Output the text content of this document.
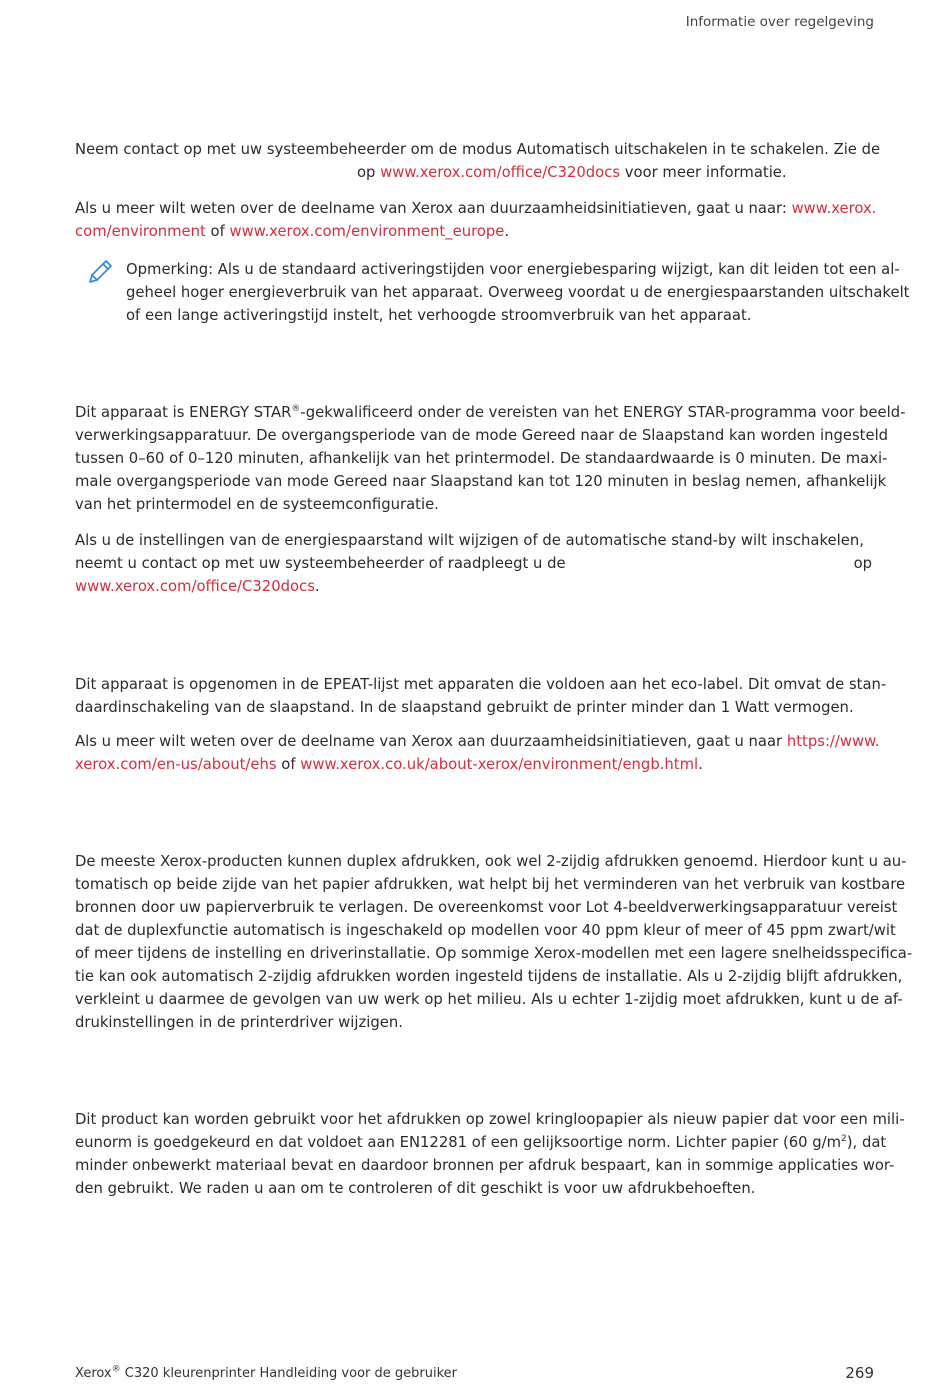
Informatie over regelgeving
Neem contact op met uw systeembeheerder om de modus Automatisch uitschakelen in te schakelen. Zie de
op www.xerox.com/office/C320docs voor meer informatie.
Als u meer wilt weten over de deelname van Xerox aan duurzaamheidsinitiatieven, gaat u naar: www.xerox.
com/environment of www.xerox.com/environment_europe.
Opmerking: Als u de standaard activeringstijden voor energiebesparing wijzigt, kan dit leiden tot een al-
geheel hoger energieverbruik van het apparaat. Overweeg voordat u de energiespaarstanden uitschakelt
of een lange activeringstijd instelt, het verhoogde stroomverbruik van het apparaat.
Dit apparaat is ENERGY STAR®-gekwalificeerd onder de vereisten van het ENERGY STAR-programma voor beeld-
verwerkingsapparatuur. De overgangsperiode van de mode Gereed naar de Slaapstand kan worden ingesteld
tussen 0–60 of 0–120 minuten, afhankelijk van het printermodel. De standaardwaarde is 0 minuten. De maxi-
male overgangsperiode van mode Gereed naar Slaapstand kan tot 120 minuten in beslag nemen, afhankelijk
van het printermodel en de systeemconfiguratie.
Als u de instellingen van de energiespaarstand wilt wijzigen of de automatische stand-by wilt inschakelen,
neemt u contact op met uw systeembeheerder of raadpleegt u de	op
www.xerox.com/office/C320docs.
Dit apparaat is opgenomen in de EPEAT-lijst met apparaten die voldoen aan het eco-label. Dit omvat de stan-
daardinschakeling van de slaapstand. In de slaapstand gebruikt de printer minder dan 1 Watt vermogen.
Als u meer wilt weten over de deelname van Xerox aan duurzaamheidsinitiatieven, gaat u naar https://www.
xerox.com/en-us/about/ehs of www.xerox.co.uk/about-xerox/environment/engb.html.
De meeste Xerox-producten kunnen duplex afdrukken, ook wel 2-zijdig afdrukken genoemd. Hierdoor kunt u au-
tomatisch op beide zijde van het papier afdrukken, wat helpt bij het verminderen van het verbruik van kostbare
bronnen door uw papierverbruik te verlagen. De overeenkomst voor Lot 4-beeldverwerkingsapparatuur vereist
dat de duplexfunctie automatisch is ingeschakeld op modellen voor 40 ppm kleur of meer of 45 ppm zwart/wit
of meer tijdens de instelling en driverinstallatie. Op sommige Xerox-modellen met een lagere snelheidsspecifica-
tie kan ook automatisch 2-zijdig afdrukken worden ingesteld tijdens de installatie. Als u 2-zijdig blijft afdrukken,
verkleint u daarmee de gevolgen van uw werk op het milieu. Als u echter 1-zijdig moet afdrukken, kunt u de af-
drukinstellingen in de printerdriver wijzigen.
Dit product kan worden gebruikt voor het afdrukken op zowel kringloopapier als nieuw papier dat voor een mili-
eunorm is goedgekeurd en dat voldoet aan EN12281 of een gelijksoortige norm. Lichter papier (60 $g/m^2$), dat
minder onbewerkt materiaal bevat en daardoor bronnen per afdruk bespaart, kan in sommige applicaties wor-
den gebruikt. We raden u aan om te controleren of dit geschikt is voor uw afdrukbehoeften.
Xerox® C320 kleurenprinter Handleiding voor de gebruiker	269
